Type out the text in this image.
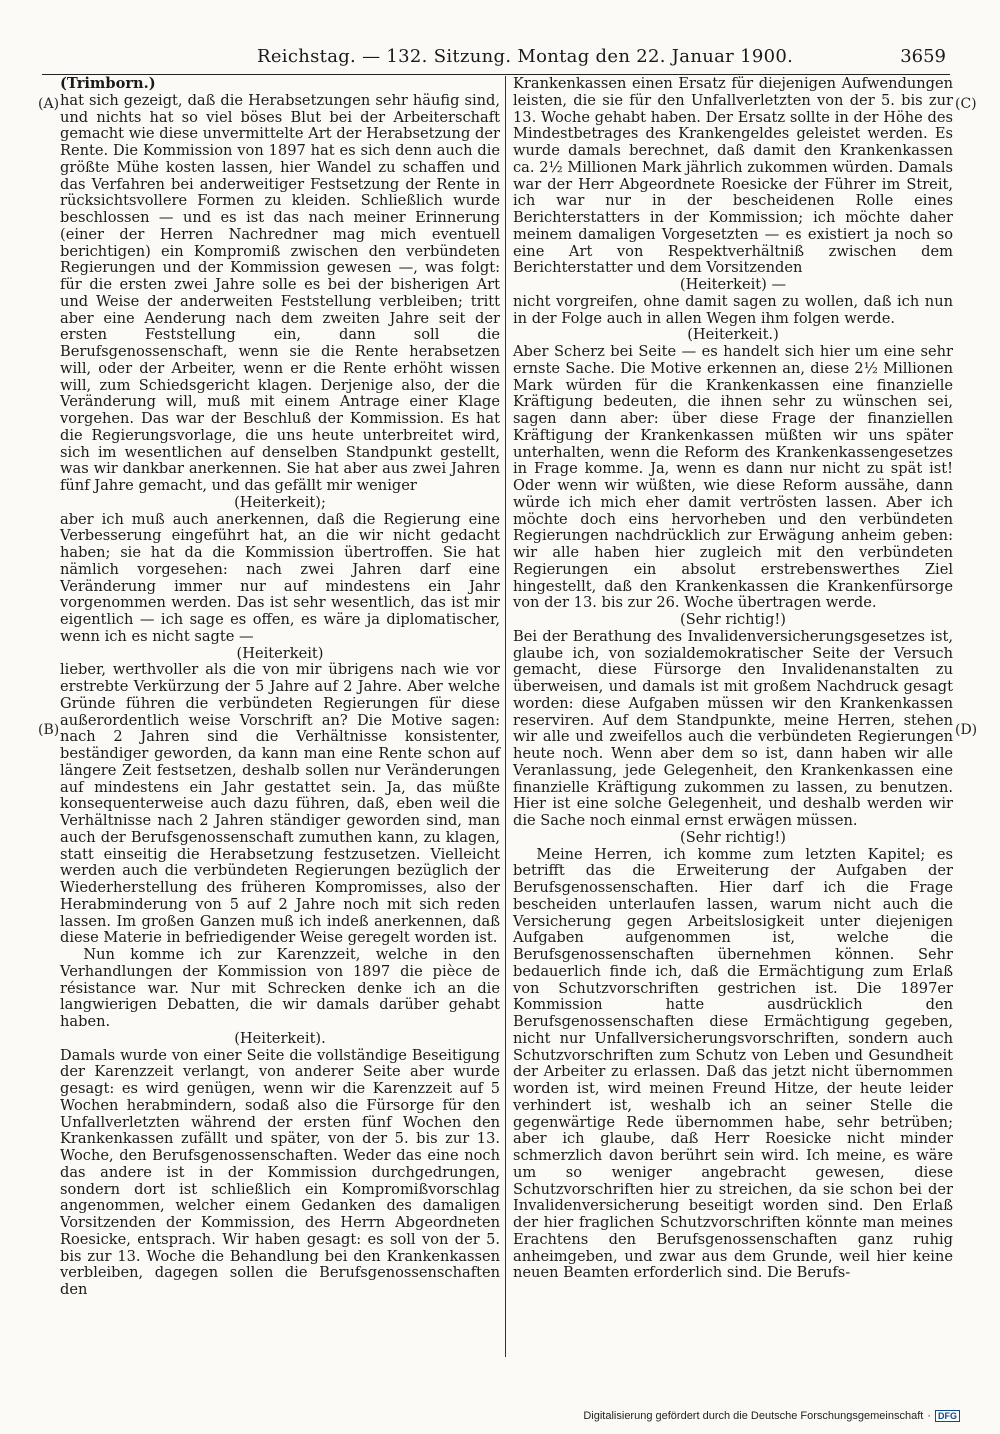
Reichstag. — 132. Sitzung. Montag den 22. Januar 1900.	3659
(A)
(B)
(C)
(D)

(Trimborn.)

hat sich gezeigt, daß die Herabsetzungen sehr häufig sind, und nichts hat so viel böses Blut bei der Arbeiterschaft gemacht wie diese unvermittelte Art der Herabsetzung der Rente. Die Kommission von 1897 hat es sich denn auch die größte Mühe kosten lassen, hier Wandel zu schaffen und das Verfahren bei anderweitiger Festsetzung der Rente in rücksichtsvollere Formen zu kleiden. Schließlich wurde beschlossen — und es ist das nach meiner Erinnerung (einer der Herren Nachredner mag mich eventuell berichtigen) ein Kompromiß zwischen den verbündeten Regierungen und der Kommission gewesen —, was folgt: für die ersten zwei Jahre solle es bei der bisherigen Art und Weise der anderweiten Feststellung verbleiben; tritt aber eine Aenderung nach dem zweiten Jahre seit der ersten Feststellung ein, dann soll die Berufsgenossenschaft, wenn sie die Rente herabsetzen will, oder der Arbeiter, wenn er die Rente erhöht wissen will, zum Schiedsgericht klagen. Derjenige also, der die Veränderung will, muß mit einem Antrage einer Klage vorgehen. Das war der Beschluß der Kommission. Es hat die Regierungsvorlage, die uns heute unterbreitet wird, sich im wesentlichen auf denselben Standpunkt gestellt, was wir dankbar anerkennen. Sie hat aber aus zwei Jahren fünf Jahre gemacht, und das gefällt mir weniger

(Heiterkeit);

aber ich muß auch anerkennen, daß die Regierung eine Verbesserung eingeführt hat, an die wir nicht gedacht haben; sie hat da die Kommission übertroffen. Sie hat nämlich vorgesehen: nach zwei Jahren darf eine Veränderung immer nur auf mindestens ein Jahr vorgenommen werden. Das ist sehr wesentlich, das ist mir eigentlich — ich sage es offen, es wäre ja diplomatischer, wenn ich es nicht sagte —

(Heiterkeit)

lieber, werthvoller als die von mir übrigens nach wie vor erstrebte Verkürzung der 5 Jahre auf 2 Jahre. Aber welche Gründe führen die verbündeten Regierungen für diese außerordentlich weise Vorschrift an? Die Motive sagen: nach 2 Jahren sind die Verhältnisse konsistenter, beständiger geworden, da kann man eine Rente schon auf längere Zeit festsetzen, deshalb sollen nur Veränderungen auf mindestens ein Jahr gestattet sein. Ja, das müßte konsequenterweise auch dazu führen, daß, eben weil die Verhältnisse nach 2 Jahren ständiger geworden sind, man auch der Berufsgenossenschaft zumuthen kann, zu klagen, statt einseitig die Herabsetzung festzusetzen. Vielleicht werden auch die verbündeten Regierungen bezüglich der Wiederherstellung des früheren Kompromisses, also der Herabminderung von 5 auf 2 Jahre noch mit sich reden lassen. Im großen Ganzen muß ich indeß anerkennen, daß diese Materie in befriedigender Weise geregelt worden ist.

Nun komme ich zur Karenzzeit, welche in den Verhandlungen der Kommission von 1897 die pièce de résistance war. Nur mit Schrecken denke ich an die langwierigen Debatten, die wir damals darüber gehabt haben.

(Heiterkeit).

Damals wurde von einer Seite die vollständige Beseitigung der Karenzzeit verlangt, von anderer Seite aber wurde gesagt: es wird genügen, wenn wir die Karenzzeit auf 5 Wochen herabmindern, sodaß also die Fürsorge für den Unfallverletzten während der ersten fünf Wochen den Krankenkassen zufällt und später, von der 5. bis zur 13. Woche, den Berufsgenossenschaften. Weder das eine noch das andere ist in der Kommission durchgedrungen, sondern dort ist schließlich ein Kompromißvorschlag angenommen, welcher einem Gedanken des damaligen Vorsitzenden der Kommission, des Herrn Abgeordneten Roesicke, entsprach. Wir haben gesagt: es soll von der 5. bis zur 13. Woche die Behandlung bei den Krankenkassen verbleiben, dagegen sollen die Berufsgenossenschaften den

Krankenkassen einen Ersatz für diejenigen Aufwendungen leisten, die sie für den Unfallverletzten von der 5. bis zur 13. Woche gehabt haben. Der Ersatz sollte in der Höhe des Mindestbetrages des Krankengeldes geleistet werden. Es wurde damals berechnet, daß damit den Krankenkassen ca. 2½ Millionen Mark jährlich zukommen würden. Damals war der Herr Abgeordnete Roesicke der Führer im Streit, ich war nur in der bescheidenen Rolle eines Berichterstatters in der Kommission; ich möchte daher meinem damaligen Vorgesetzten — es existiert ja noch so eine Art von Respektverhältniß zwischen dem Berichterstatter und dem Vorsitzenden

(Heiterkeit) —

nicht vorgreifen, ohne damit sagen zu wollen, daß ich nun in der Folge auch in allen Wegen ihm folgen werde.

(Heiterkeit.)

Aber Scherz bei Seite — es handelt sich hier um eine sehr ernste Sache. Die Motive erkennen an, diese 2½ Millionen Mark würden für die Krankenkassen eine finanzielle Kräftigung bedeuten, die ihnen sehr zu wünschen sei, sagen dann aber: über diese Frage der finanziellen Kräftigung der Krankenkassen müßten wir uns später unterhalten, wenn die Reform des Krankenkassengesetzes in Frage komme. Ja, wenn es dann nur nicht zu spät ist! Oder wenn wir wüßten, wie diese Reform aussähe, dann würde ich mich eher damit vertrösten lassen. Aber ich möchte doch eins hervorheben und den verbündeten Regierungen nachdrücklich zur Erwägung anheim geben: wir alle haben hier zugleich mit den verbündeten Regierungen ein absolut erstrebenswerthes Ziel hingestellt, daß den Krankenkassen die Krankenfürsorge von der 13. bis zur 26. Woche übertragen werde.

(Sehr richtig!)

Bei der Berathung des Invalidenversicherungsgesetzes ist, glaube ich, von sozialdemokratischer Seite der Versuch gemacht, diese Fürsorge den Invalidenanstalten zu überweisen, und damals ist mit großem Nachdruck gesagt worden: diese Aufgaben müssen wir den Krankenkassen reserviren. Auf dem Standpunkte, meine Herren, stehen wir alle und zweifellos auch die verbündeten Regierungen heute noch. Wenn aber dem so ist, dann haben wir alle Veranlassung, jede Gelegenheit, den Krankenkassen eine finanzielle Kräftigung zukommen zu lassen, zu benutzen. Hier ist eine solche Gelegenheit, und deshalb werden wir die Sache noch einmal ernst erwägen müssen.

(Sehr richtig!)

Meine Herren, ich komme zum letzten Kapitel; es betrifft das die Erweiterung der Aufgaben der Berufsgenossenschaften. Hier darf ich die Frage bescheiden unterlaufen lassen, warum nicht auch die Versicherung gegen Arbeitslosigkeit unter diejenigen Aufgaben aufgenommen ist, welche die Berufsgenossenschaften übernehmen können. Sehr bedauerlich finde ich, daß die Ermächtigung zum Erlaß von Schutzvorschriften gestrichen ist. Die 1897er Kommission hatte ausdrücklich den Berufsgenossenschaften diese Ermächtigung gegeben, nicht nur Unfallversicherungsvorschriften, sondern auch Schutzvorschriften zum Schutz von Leben und Gesundheit der Arbeiter zu erlassen. Daß das jetzt nicht übernommen worden ist, wird meinen Freund Hitze, der heute leider verhindert ist, weshalb ich an seiner Stelle die gegenwärtige Rede übernommen habe, sehr betrüben; aber ich glaube, daß Herr Roesicke nicht minder schmerzlich davon berührt sein wird. Ich meine, es wäre um so weniger angebracht gewesen, diese Schutzvorschriften hier zu streichen, da sie schon bei der Invalidenversicherung beseitigt worden sind. Den Erlaß der hier fraglichen Schutzvorschriften könnte man meines Erachtens den Berufsgenossenschaften ganz ruhig anheimgeben, und zwar aus dem Grunde, weil hier keine neuen Beamten erforderlich sind. Die Berufs-

Digitalisierung gefördert durch die Deutsche Forschungsgemeinschaft · DFG
